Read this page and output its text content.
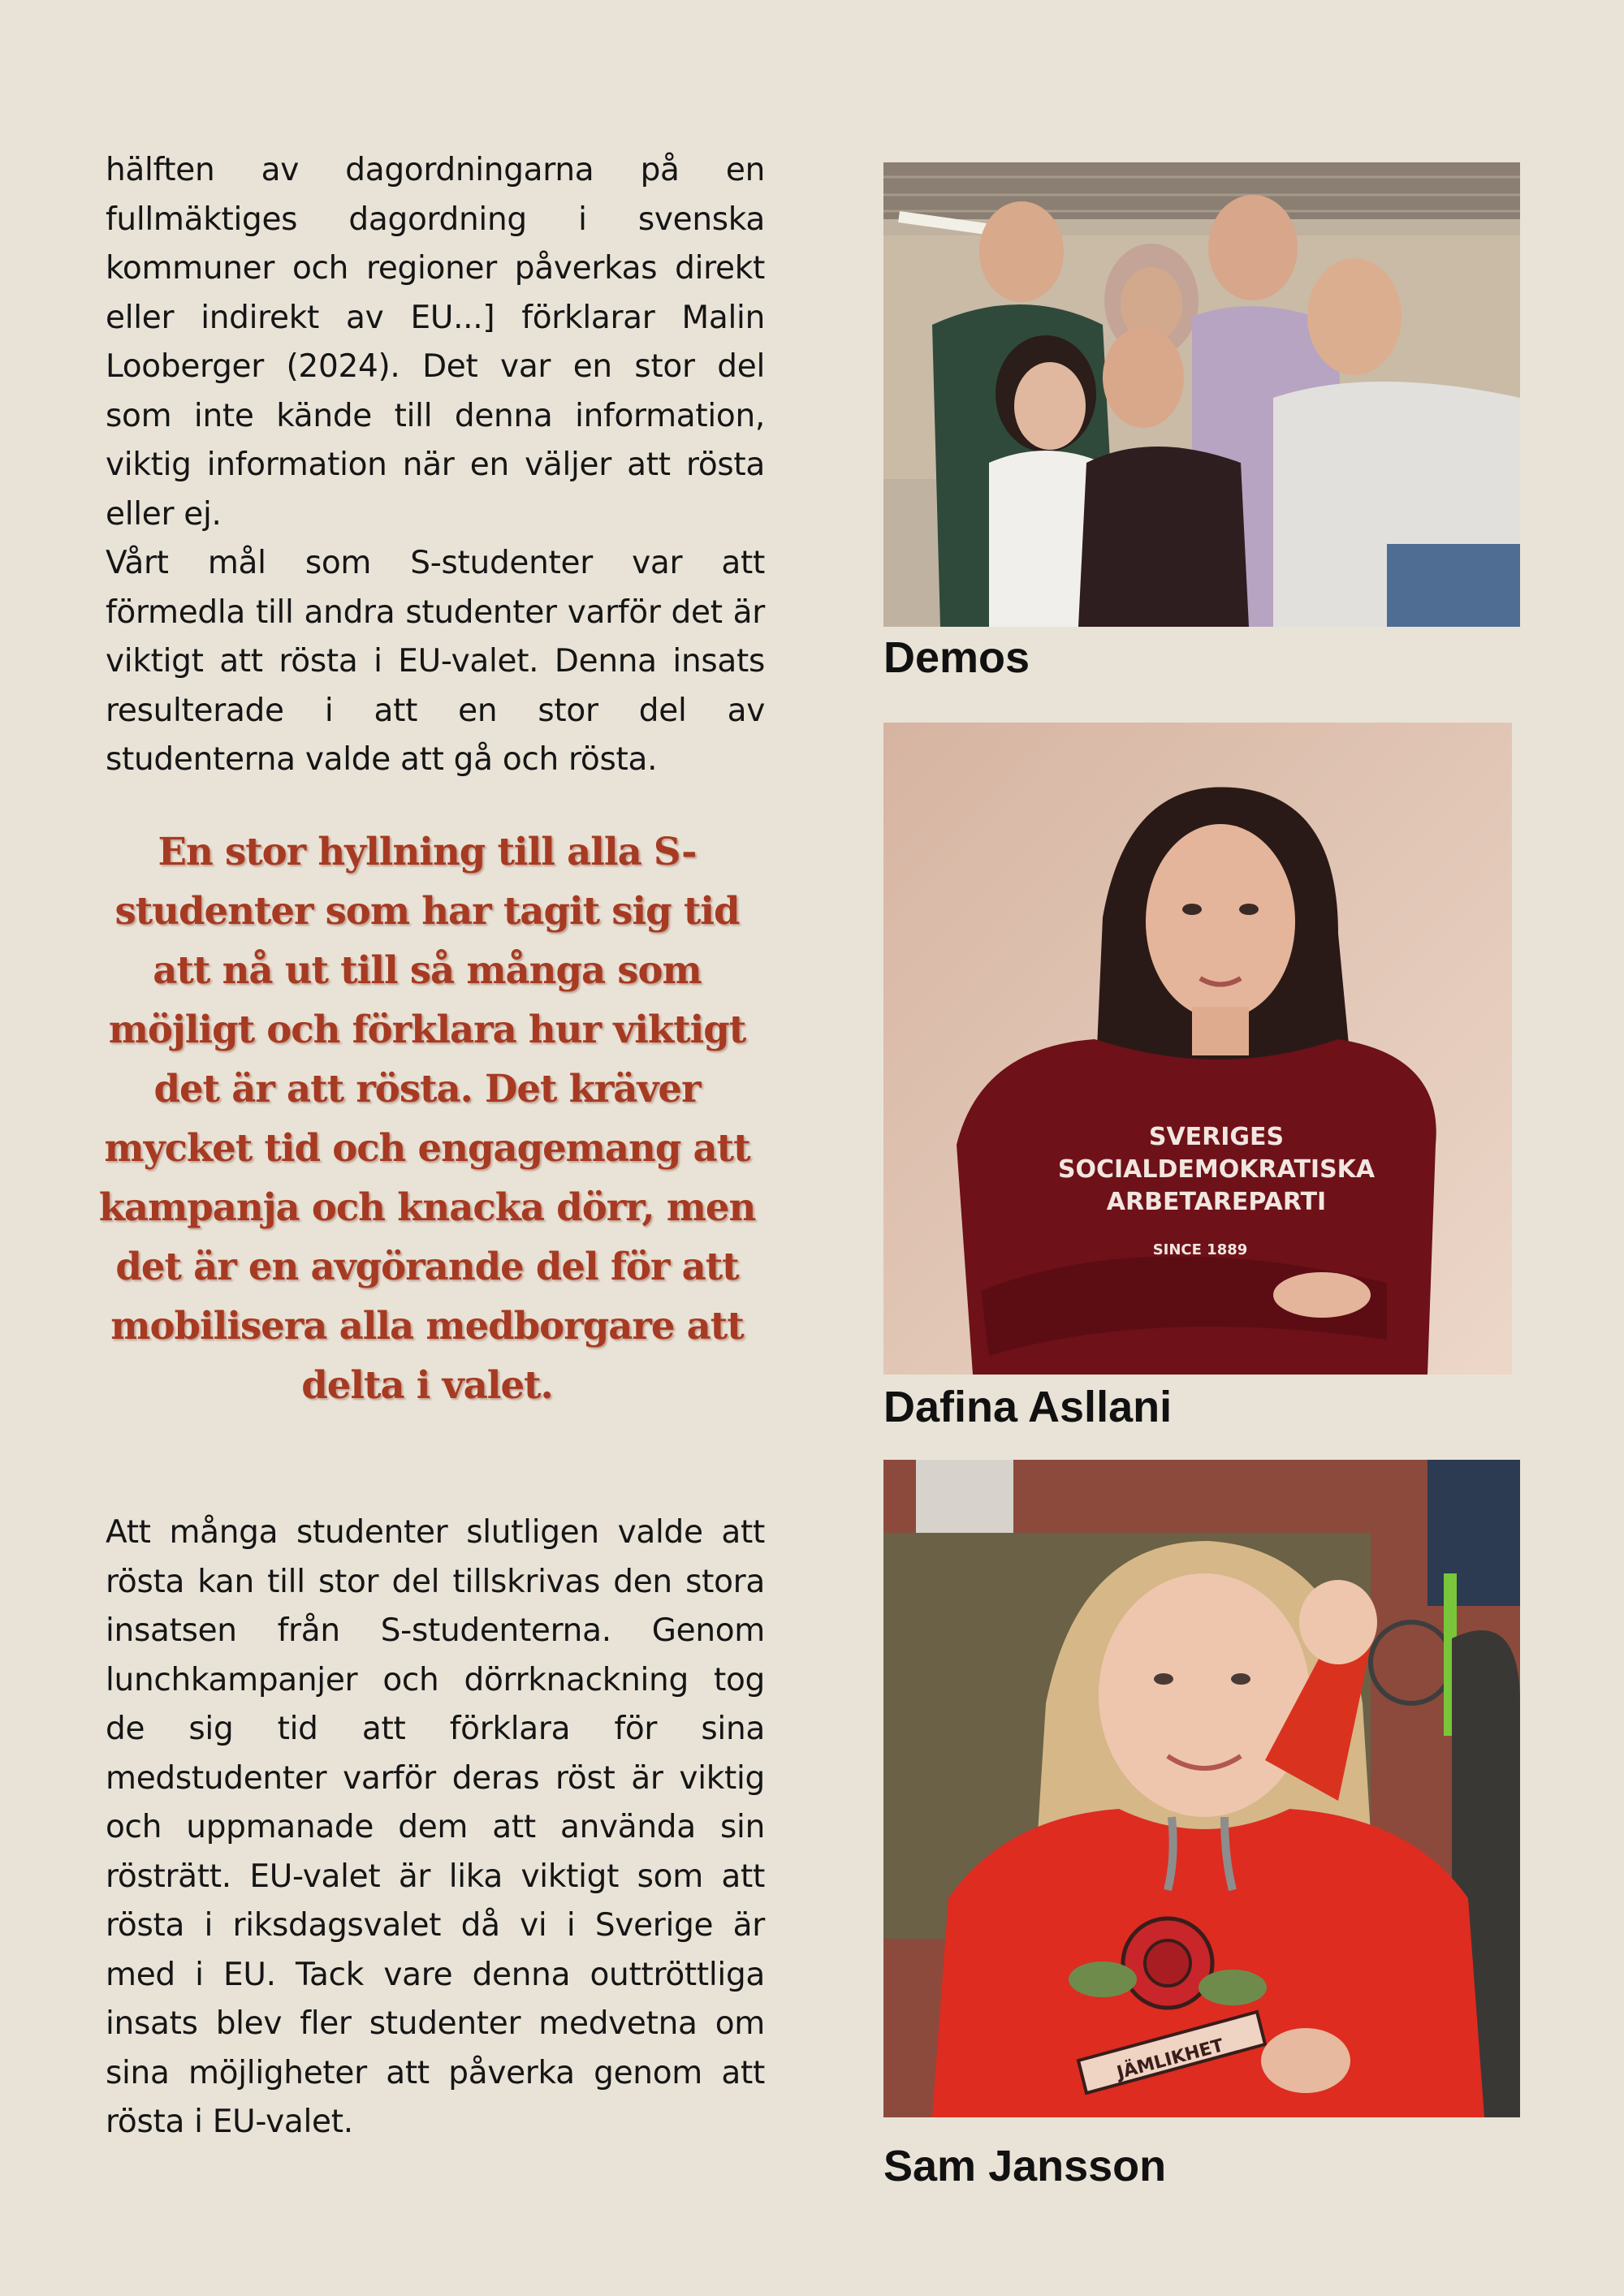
hälften av dagordningarna på en fullmäktiges dagordning i svenska kommuner och regioner påverkas direkt eller indirekt av EU...] förklarar Malin Looberger (2024). Det var en stor del som inte kände till denna information, viktig information när en väljer att rösta eller ej.
Vårt mål som S-studenter var att förmedla till andra studenter varför det är viktigt att rösta i EU-valet. Denna insats resulterade i att en stor del av studenterna valde att gå och rösta.

En stor hyllning till alla S-studenter som har tagit sig tid att nå ut till så många som möjligt och förklara hur viktigt det är att rösta. Det kräver mycket tid och engagemang att kampanja och knacka dörr, men det är en avgörande del för att mobilisera alla medborgare att delta i valet.

Att många studenter slutligen valde att rösta kan till stor del tillskrivas den stora insatsen från S-studenterna. Genom lunchkampanjer och dörrknackning tog de sig tid att förklara för sina medstudenter varför deras röst är viktig och uppmanade dem att använda sin rösträtt. EU-valet är lika viktigt som att rösta i riksdagsvalet då vi i Sverige är med i EU. Tack vare denna outtröttliga insats blev fler studenter medvetna om sina möjligheter att påverka genom att rösta i EU-valet.

Demos

SVERIGES
SOCIALDEMOKRATISKA
ARBETAREPARTI
SINCE 1889

Dafina Asllani

JÄMLIKHET

Sam Jansson
